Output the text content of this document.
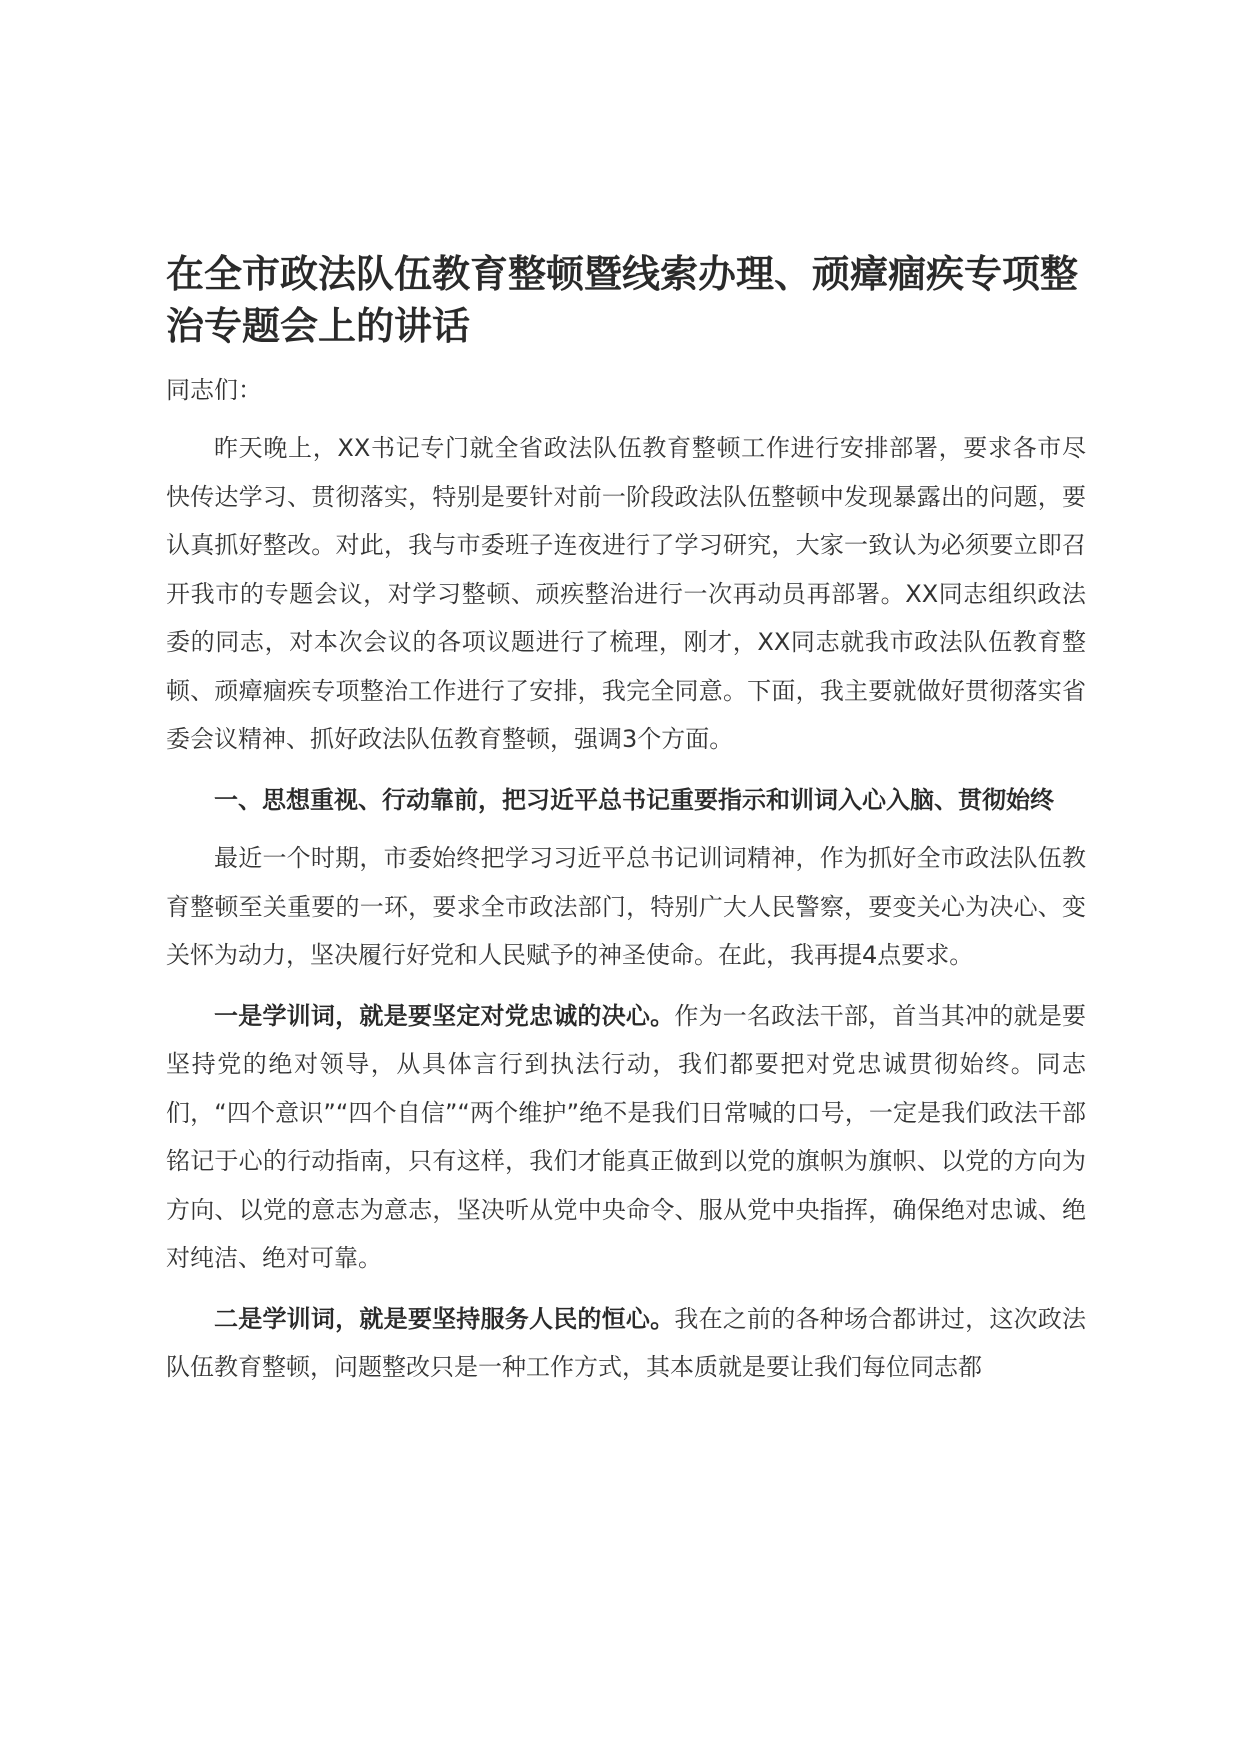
在全市政法队伍教育整顿暨线索办理、顽瘴痼疾专项整治专题会上的讲话

同志们：

昨天晚上，XX书记专门就全省政法队伍教育整顿工作进行安排部署，要求各市尽快传达学习、贯彻落实，特别是要针对前一阶段政法队伍整顿中发现暴露出的问题，要认真抓好整改。对此，我与市委班子连夜进行了学习研究，大家一致认为必须要立即召开我市的专题会议，对学习整顿、顽疾整治进行一次再动员再部署。XX同志组织政法委的同志，对本次会议的各项议题进行了梳理，刚才，XX同志就我市政法队伍教育整顿、顽瘴痼疾专项整治工作进行了安排，我完全同意。下面，我主要就做好贯彻落实省委会议精神、抓好政法队伍教育整顿，强调3个方面。

一、思想重视、行动靠前，把习近平总书记重要指示和训词入心入脑、贯彻始终

最近一个时期，市委始终把学习习近平总书记训词精神，作为抓好全市政法队伍教育整顿至关重要的一环，要求全市政法部门，特别广大人民警察，要变关心为决心、变关怀为动力，坚决履行好党和人民赋予的神圣使命。在此，我再提4点要求。

一是学训词，就是要坚定对党忠诚的决心。作为一名政法干部，首当其冲的就是要坚持党的绝对领导，从具体言行到执法行动，我们都要把对党忠诚贯彻始终。同志们，“四个意识”“四个自信”“两个维护”绝不是我们日常喊的口号，一定是我们政法干部铭记于心的行动指南，只有这样，我们才能真正做到以党的旗帜为旗帜、以党的方向为方向、以党的意志为意志，坚决听从党中央命令、服从党中央指挥，确保绝对忠诚、绝对纯洁、绝对可靠。

二是学训词，就是要坚持服务人民的恒心。我在之前的各种场合都讲过，这次政法队伍教育整顿，问题整改只是一种工作方式，其本质就是要让我们每位同志都
